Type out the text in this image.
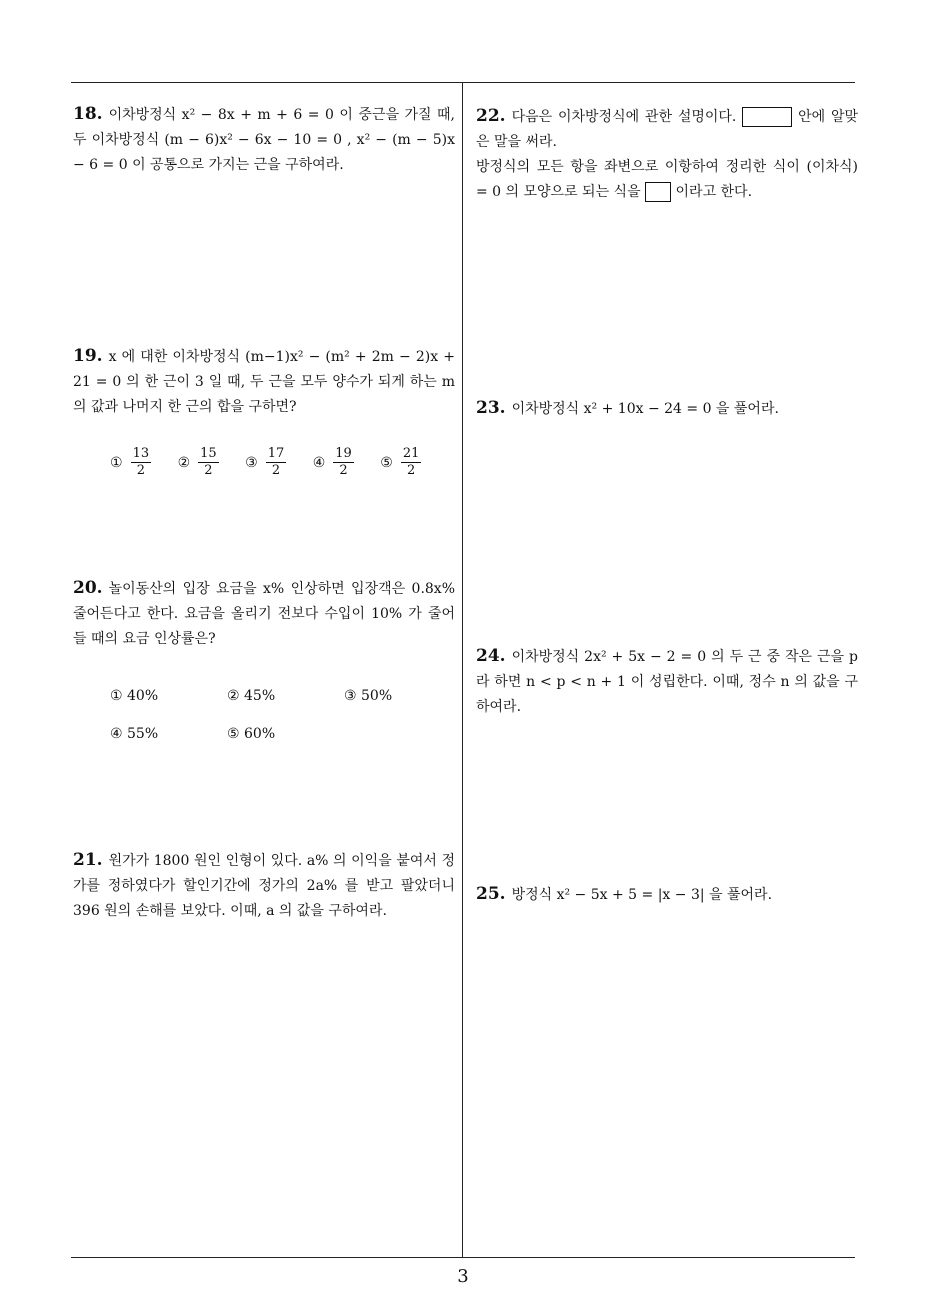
18. 이차방정식 x² − 8x + m + 6 = 0 이 중근을 가질 때, 두 이차방정식 (m − 6)x² − 6x − 10 = 0 , x² − (m − 5)x − 6 = 0 이 공통으로 가지는 근을 구하여라.
19. x 에 대한 이차방정식 (m−1)x² − (m² + 2m − 2)x + 21 = 0 의 한 근이 3 일 때, 두 근을 모두 양수가 되게 하는 m 의 값과 나머지 한 근의 합을 구하면?
① $\frac{13}{2}$
② $\frac{15}{2}$
③ $\frac{17}{2}$
④ $\frac{19}{2}$
⑤ $\frac{21}{2}$
20. 놀이동산의 입장 요금을 x% 인상하면 입장객은 0.8x% 줄어든다고 한다. 요금을 올리기 전보다 수입이 10% 가 줄어들 때의 요금 인상률은?
① 40%	② 45%	③ 50%
④ 55%	⑤ 60%
21. 원가가 1800 원인 인형이 있다. a% 의 이익을 붙여서 정가를 정하였다가 할인기간에 정가의 2a% 를 받고 팔았더니 396 원의 손해를 보았다. 이때, a 의 값을 구하여라.
22. 다음은 이차방정식에 관한 설명이다.	안에 알맞은 말을 써라.
방정식의 모든 항을 좌변으로 이항하여 정리한 식이 (이차식) = 0 의 모양으로 되는 식을 이라고 한다.
23. 이차방정식 x² + 10x − 24 = 0 을 풀어라.
24. 이차방정식 2x² + 5x − 2 = 0 의 두 근 중 작은 근을 p 라 하면 n < p < n + 1 이 성립한다. 이때, 정수 n 의 값을 구하여라.
25. 방정식 x² − 5x + 5 = |x − 3| 을 풀어라.
3
